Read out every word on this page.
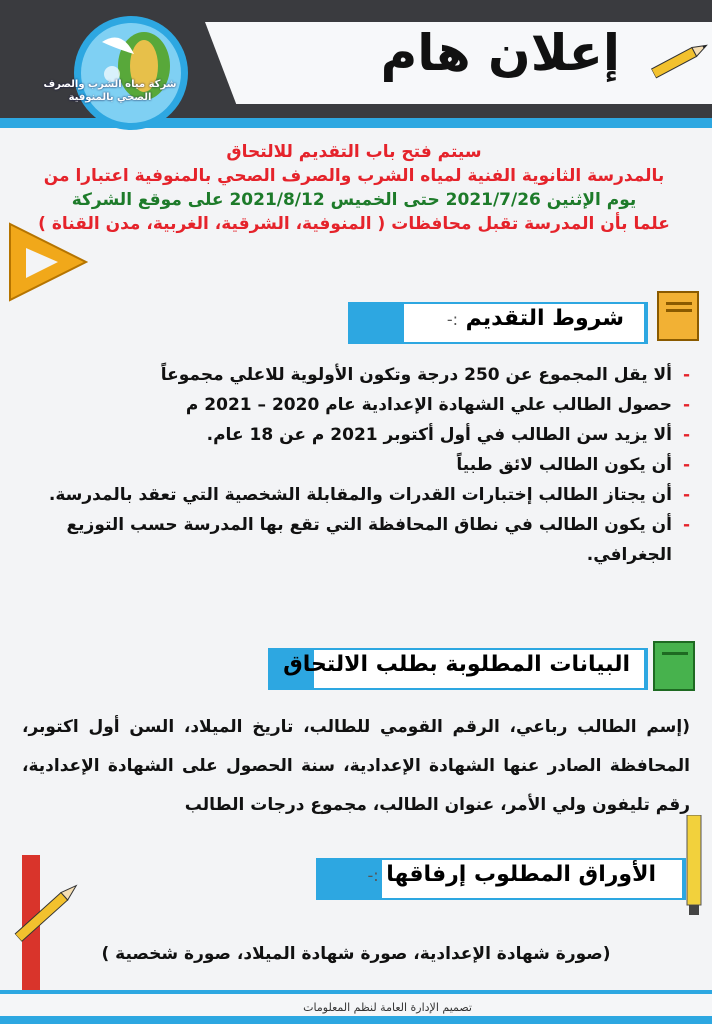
إعلان هام
شركة مياه الشرب والصرف الصحي بالمنوفية
سيتم فتح باب التقديم للالتحاق
بالمدرسة الثانوية الفنية لمياه الشرب والصرف الصحي بالمنوفية اعتبارا من
يوم الإثنين 2021/7/26 حتى الخميس 2021/8/12 على موقع الشركة
علما بأن المدرسة تقبل محافظات ( المنوفية، الشرقية، الغربية، مدن القناة )
شروط التقديم :-
- ألا يقل المجموع عن 250 درجة وتكون الأولوية للاعلي مجموعاً
- حصول الطالب علي الشهادة الإعدادية عام 2020 – 2021 م
- ألا يزيد سن الطالب في أول أكتوبر 2021 م عن 18 عام.
- أن يكون الطالب لائق طبياً
- أن يجتاز الطالب إختبارات القدرات والمقابلة الشخصية التي تعقد بالمدرسة.
- أن يكون الطالب في نطاق المحافظة التي تقع بها المدرسة حسب التوزيع الجغرافي.
البيانات المطلوبة بطلب الالتحاق
(إسم الطالب رباعي، الرقم القومي للطالب، تاريخ الميلاد، السن أول اكتوبر، المحافظة الصادر عنها الشهادة الإعدادية، سنة الحصول على الشهادة الإعدادية، رقم تليفون ولي الأمر، عنوان الطالب، مجموع درجات الطالب
الأوراق المطلوب إرفاقها :-
(صورة شهادة الإعدادية، صورة شهادة الميلاد، صورة شخصية )
تصميم الإدارة العامة لنظم المعلومات
